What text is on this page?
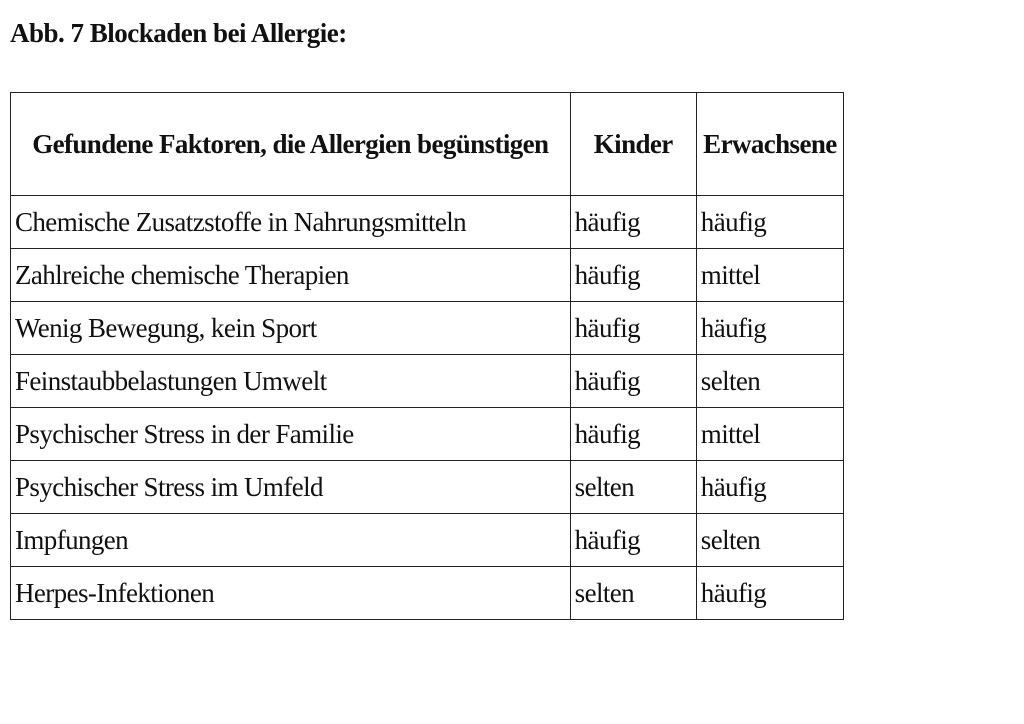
Abb. 7 Blockaden bei Allergie:
Gefundene Faktoren, die Allergien begünstigen	Kinder	Erwachsene
Chemische Zusatzstoffe in Nahrungsmitteln	häufig	häufig
Zahlreiche chemische Therapien	häufig	mittel
Wenig Bewegung, kein Sport	häufig	häufig
Feinstaubbelastungen Umwelt	häufig	selten
Psychischer Stress in der Familie	häufig	mittel
Psychischer Stress im Umfeld	selten	häufig
Impfungen	häufig	selten
Herpes-Infektionen	selten	häufig
